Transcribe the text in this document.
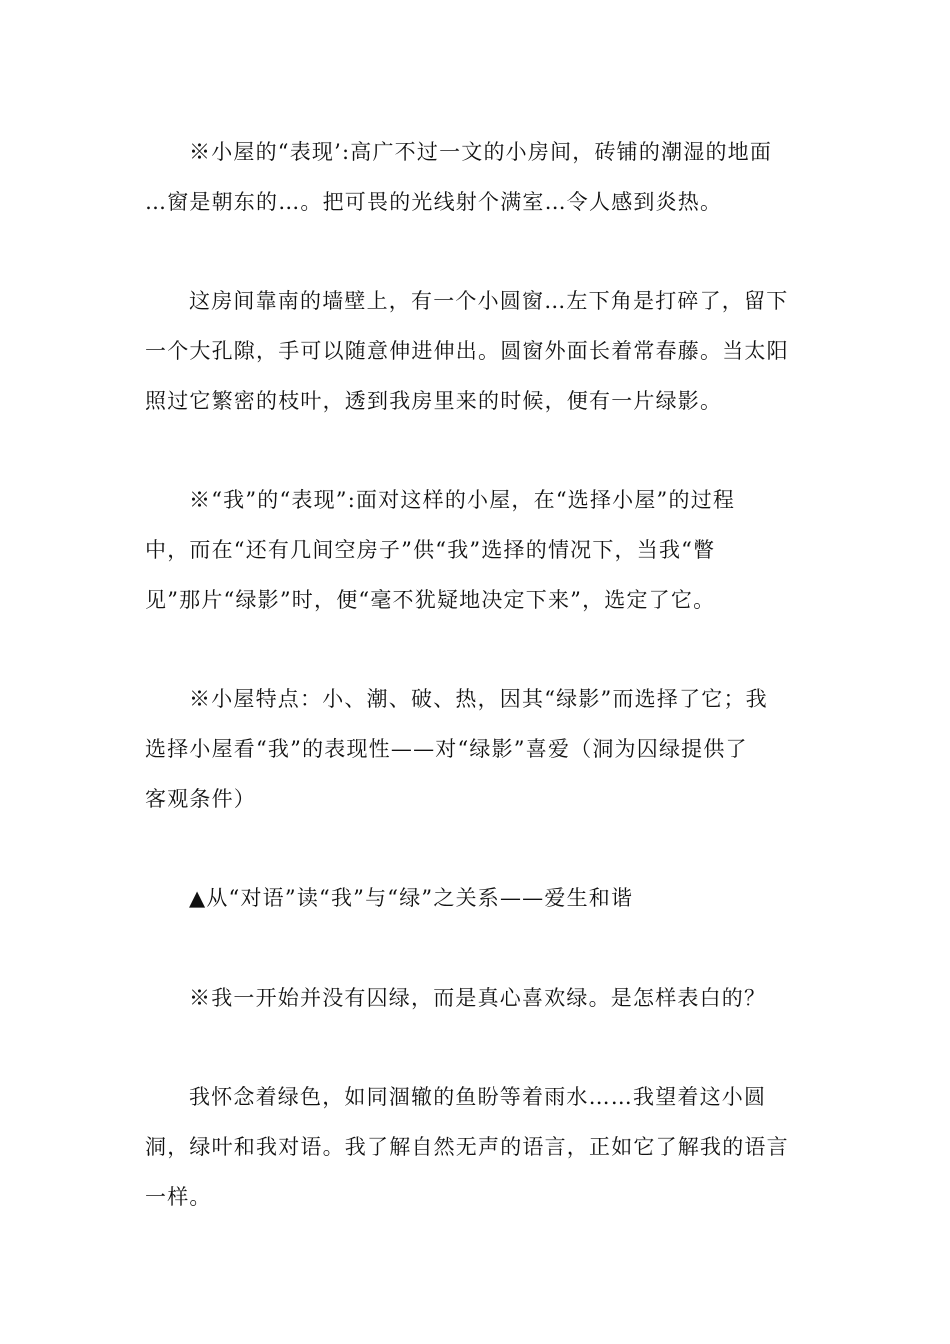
※小屋的“表现’:高广不过一文的小房间，砖铺的潮湿的地面
…窗是朝东的…。把可畏的光线射个满室…令人感到炎热。

这房间靠南的墙壁上，有一个小圆窗…左下角是打碎了，留下
一个大孔隙，手可以随意伸进伸出。圆窗外面长着常春藤。当太阳
照过它繁密的枝叶，透到我房里来的时候，便有一片绿影。

※“我”的“表现”:面对这样的小屋，在“选择小屋”的过程
中，而在“还有几间空房子”供“我”选择的情况下，当我“瞥
见”那片“绿影”时，便“毫不犹疑地决定下来”，选定了它。

※小屋特点：小、潮、破、热，因其“绿影”而选择了它；我
选择小屋看“我”的表现性——对“绿影”喜爱（洞为囚绿提供了
客观条件）

▲从“对语”读“我”与“绿”之关系——爱生和谐

※我一开始并没有囚绿，而是真心喜欢绿。是怎样表白的？

我怀念着绿色，如同涸辙的鱼盼等着雨水……我望着这小圆
洞，绿叶和我对语。我了解自然无声的语言，正如它了解我的语言
一样。
